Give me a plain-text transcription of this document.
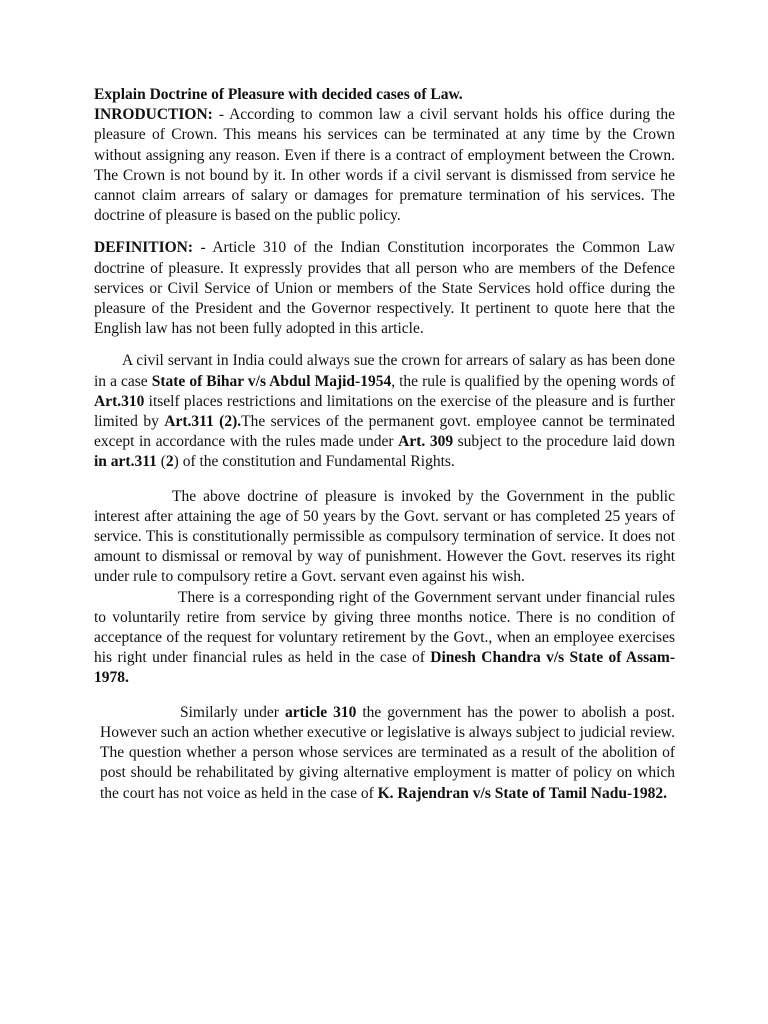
Explain Doctrine of Pleasure with decided cases of Law.

INRODUCTION: - According to common law a civil servant holds his office during the pleasure of Crown. This means his services can be terminated at any time by the Crown without assigning any reason. Even if there is a contract of employment between the Crown. The Crown is not bound by it. In other words if a civil servant is dismissed from service he cannot claim arrears of salary or damages for premature termination of his services. The doctrine of pleasure is based on the public policy.

DEFINITION: - Article 310 of the Indian Constitution incorporates the Common Law doctrine of pleasure. It expressly provides that all person who are members of the Defence services or Civil Service of Union or members of the State Services hold office during the pleasure of the President and the Governor respectively. It pertinent to quote here that the English law has not been fully adopted in this article.

A civil servant in India could always sue the crown for arrears of salary as has been done in a case State of Bihar v/s Abdul Majid-1954, the rule is qualified by the opening words of Art.310 itself places restrictions and limitations on the exercise of the pleasure and is further limited by Art.311 (2).The services of the permanent govt. employee cannot be terminated except in accordance with the rules made under Art. 309 subject to the procedure laid down in art.311 (2) of the constitution and Fundamental Rights.

The above doctrine of pleasure is invoked by the Government in the public interest after attaining the age of 50 years by the Govt. servant or has completed 25 years of service. This is constitutionally permissible as compulsory termination of service. It does not amount to dismissal or removal by way of punishment. However the Govt. reserves its right under rule to compulsory retire a Govt. servant even against his wish.

There is a corresponding right of the Government servant under financial rules to voluntarily retire from service by giving three months notice. There is no condition of acceptance of the request for voluntary retirement by the Govt., when an employee exercises his right under financial rules as held in the case of Dinesh Chandra v/s State of Assam-1978.

Similarly under article 310 the government has the power to abolish a post. However such an action whether executive or legislative is always subject to judicial review. The question whether a person whose services are terminated as a result of the abolition of post should be rehabilitated by giving alternative employment is matter of policy on which the court has not voice as held in the case of K. Rajendran v/s State of Tamil Nadu-1982.
